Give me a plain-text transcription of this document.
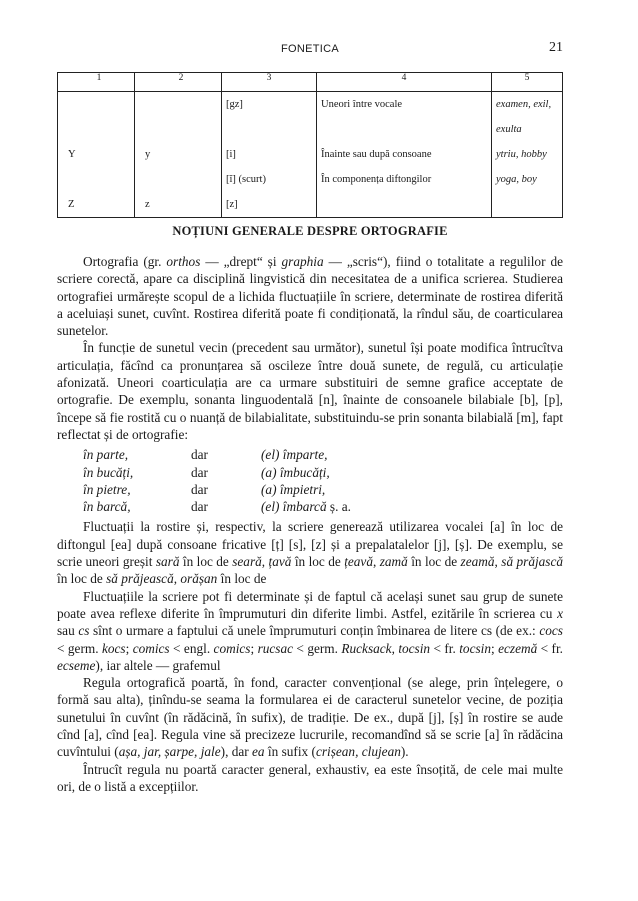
FONETICA	21
1	2	3	4	5
		[gz]	Uneori între vocale	examen, exil, exulta
Y	y	[i]	Înainte sau după consoane	ytriu, hobby
		[ĭ] (scurt)	În componența diftongilor	yoga, boy
Z	z	[z]		
NOȚIUNI GENERALE DESPRE ORTOGRAFIE

Ortografia (gr. orthos — „drept“ și graphia — „scris“), fiind o totalitate a regulilor de scriere corectă, apare ca disciplină lingvistică din necesitatea de a unifica scrierea. Studierea ortografiei urmărește scopul de a lichida fluctuațiile în scriere, determinate de rostirea diferită a aceluiași sunet, cuvînt. Rostirea diferită poate fi condiționată, la rîndul său, de coarticularea sunetelor.

În funcție de sunetul vecin (precedent sau următor), sunetul își poate modifica întrucîtva articulația, făcînd ca pronunțarea să oscileze între două sunete, de regulă, cu articulație afonizată. Uneori coarticulația are ca urmare substituiri de semne grafice acceptate de ortografie. De exemplu, sonanta linguodentală [n], înainte de consoanele bilabiale [b], [p], începe să fie rostită cu o nuanță de bilabialitate, substituindu-se prin sonanta bilabială [m], fapt reflectat și de ortografie:

în parte,	dar	(el) împarte,
în bucăți,	dar	(a) îmbucăți,
în pietre,	dar	(a) împietri,
în barcă,	dar	(el) îmbarcă ș. a.

Fluctuații la rostire și, respectiv, la scriere generează utilizarea vocalei [a] în loc de diftongul [ea] după consoane fricative [ț] [s], [z] și a prepalatalelor [j], [ș]. De exemplu, se scrie uneori greșit sară în loc de seară, țavă în loc de țeavă, zamă în loc de zeamă, să prăjască în loc de să prăjească, orășan în loc de

Fluctuațiile la scriere pot fi determinate și de faptul că același sunet sau grup de sunete poate avea reflexe diferite în împrumuturi din diferite limbi. Astfel, ezitările în scrierea cu x sau cs sînt o urmare a faptului că unele împrumuturi conțin îmbinarea de litere cs (de ex.: cocs < germ. kocs; comics < engl. comics; rucsac < germ. Rucksack, tocsin < fr. tocsin; eczemă < fr. ecseme), iar altele — grafemul

Regula ortografică poartă, în fond, caracter convențional (se alege, prin înțelegere, o formă sau alta), ținîndu-se seama la formularea ei de caracterul sunetelor vecine, de poziția sunetului în cuvînt (în rădăcină, în sufix), de tradiție. De ex., după [j], [ș] în rostire se aude cînd [a], cînd [ea]. Regula vine să precizeze lucrurile, recomandînd să se scrie [a] în rădăcina cuvîntului (așa, jar, șarpe, jale), dar ea în sufix (crișean, clujean).

Întrucît regula nu poartă caracter general, exhaustiv, ea este însoțită, de cele mai multe ori, de o listă a excepțiilor.
